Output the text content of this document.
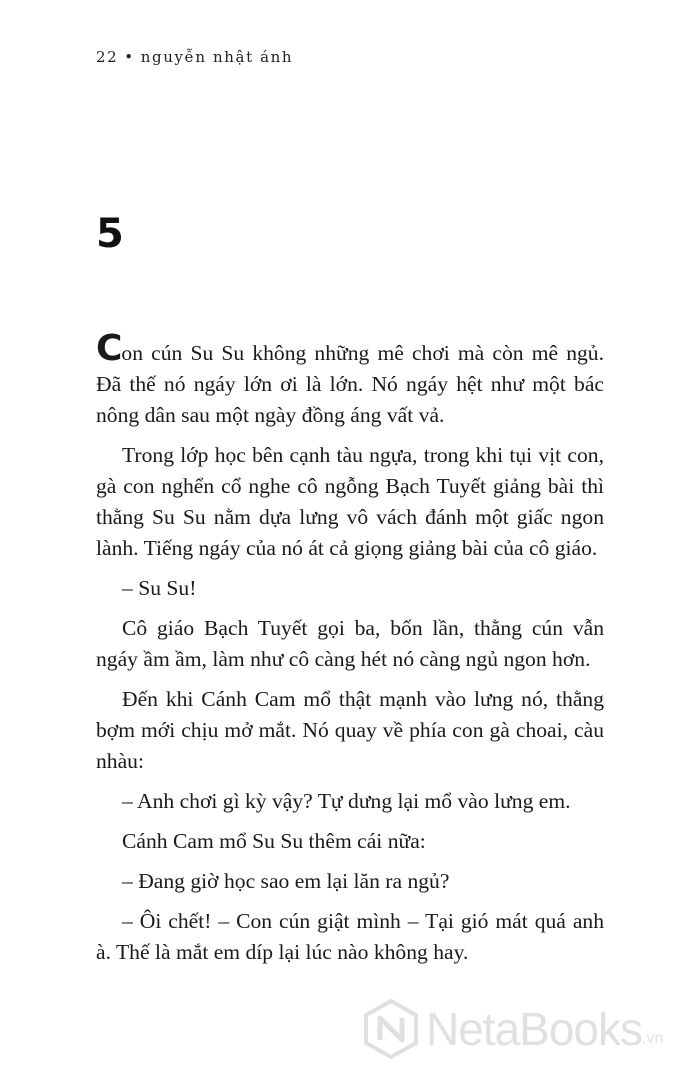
22 • nguyễn nhật ánh
5

Con cún Su Su không những mê chơi mà còn mê ngủ. Đã thế nó ngáy lớn ơi là lớn. Nó ngáy hệt như một bác nông dân sau một ngày đồng áng vất vả.

Trong lớp học bên cạnh tàu ngựa, trong khi tụi vịt con, gà con nghển cổ nghe cô ngỗng Bạch Tuyết giảng bài thì thằng Su Su nằm dựa lưng vô vách đánh một giấc ngon lành. Tiếng ngáy của nó át cả giọng giảng bài của cô giáo.

– Su Su!

Cô giáo Bạch Tuyết gọi ba, bốn lần, thằng cún vẫn ngáy ầm ầm, làm như cô càng hét nó càng ngủ ngon hơn.

Đến khi Cánh Cam mổ thật mạnh vào lưng nó, thằng bợm mới chịu mở mắt. Nó quay về phía con gà choai, càu nhàu:

– Anh chơi gì kỳ vậy? Tự dưng lại mổ vào lưng em.

Cánh Cam mổ Su Su thêm cái nữa:

– Đang giờ học sao em lại lăn ra ngủ?

– Ôi chết! – Con cún giật mình – Tại gió mát quá anh à. Thế là mắt em díp lại lúc nào không hay.

NetaBooks .vn
